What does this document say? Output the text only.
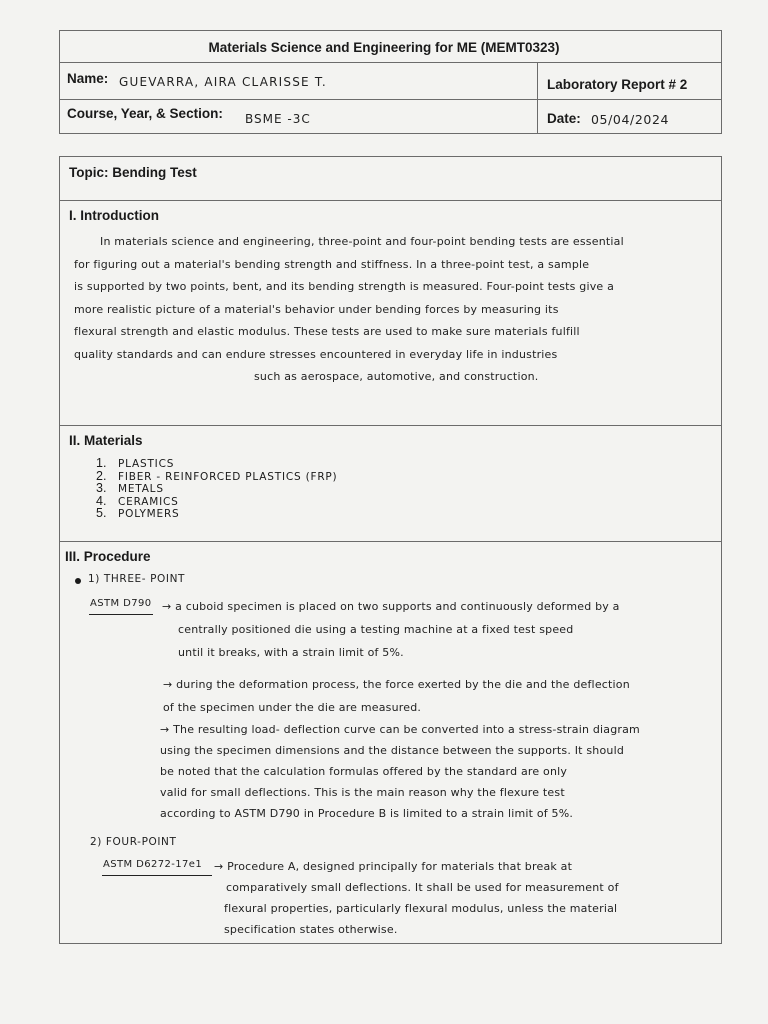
Materials Science and Engineering for ME (MEMT0323)
Name: GUEVARRA, AIRA CLARISSE T.	Laboratory Report # 2
Course, Year, & Section: BSME -3C	Date: 05/04/2024
Topic: Bending Test
I. Introduction
In materials science and engineering, three-point and four-point bending tests are essential
for figuring out a material's bending strength and stiffness. In a three-point test, a sample
is supported by two points, bent, and its bending strength is measured. Four-point tests give a
more realistic picture of a material's behavior under bending forces by measuring its
flexural strength and elastic modulus. These tests are used to make sure materials fulfill
quality standards and can endure stresses encountered in everyday life in industries
such as aerospace, automotive, and construction.
II. Materials
1. PLASTICS
2. FIBER - REINFORCED PLASTICS (FRP)
3. METALS
4. CERAMICS
5. POLYMERS
III. Procedure
1) THREE- POINT
ASTM D790 → a cuboid specimen is placed on two supports and continuously deformed by a
centrally positioned die using a testing machine at a fixed test speed
until it breaks, with a strain limit of 5%.
→ during the deformation process, the force exerted by the die and the deflection
of the specimen under the die are measured.
→ The resulting load- deflection curve can be converted into a stress-strain diagram
using the specimen dimensions and the distance between the supports. It should
be noted that the calculation formulas offered by the standard are only
valid for small deflections. This is the main reason why the flexure test
according to ASTM D790 in Procedure B is limited to a strain limit of 5%.
2) FOUR-POINT
ASTM D6272-17e1 → Procedure A, designed principally for materials that break at
comparatively small deflections. It shall be used for measurement of
flexural properties, particularly flexural modulus, unless the material
specification states otherwise.
